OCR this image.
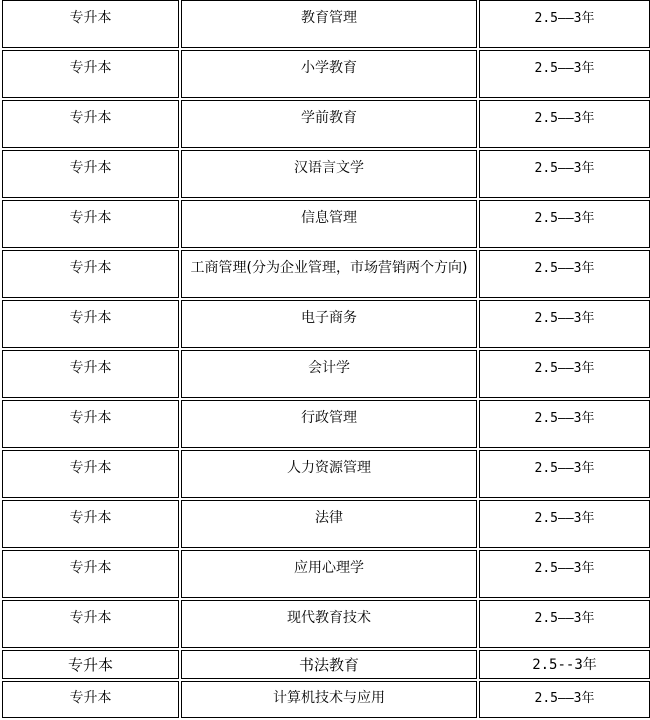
专升本	教育管理	2.5——3年
专升本	小学教育	2.5——3年
专升本	学前教育	2.5——3年
专升本	汉语言文学	2.5——3年
专升本	信息管理	2.5——3年
专升本	工商管理(分为企业管理，市场营销两个方向)	2.5——3年
专升本	电子商务	2.5——3年
专升本	会计学	2.5——3年
专升本	行政管理	2.5——3年
专升本	人力资源管理	2.5——3年
专升本	法律	2.5——3年
专升本	应用心理学	2.5——3年
专升本	现代教育技术	2.5——3年
专升本	书法教育	2.5--3年
专升本	计算机技术与应用	2.5——3年
